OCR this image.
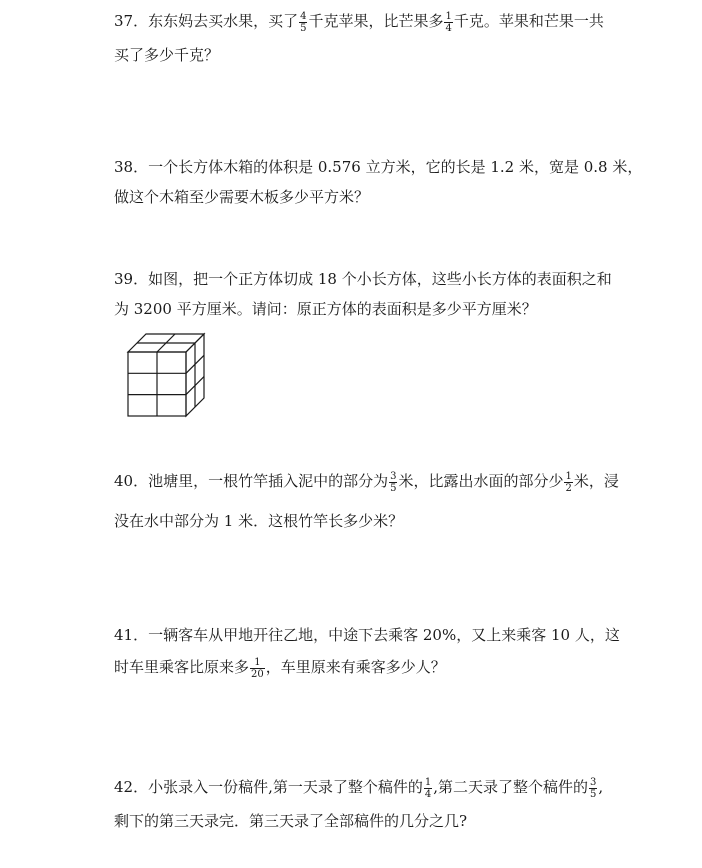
37．东东妈去买水果，买了 $\frac{4}{5}$ 千克苹果，比芒果多 $\frac{1}{4}$ 千克。苹果和芒果一共
买了多少千克？
38．一个长方体木箱的体积是 0.576 立方米，它的长是 1.2 米，宽是 0.8 米，
做这个木箱至少需要木板多少平方米？
39．如图，把一个正方体切成 18 个小长方体，这些小长方体的表面积之和
为 3200 平方厘米。请问：原正方体的表面积是多少平方厘米？
40．池塘里，一根竹竿插入泥中的部分为 $\frac{3}{5}$ 米，比露出水面的部分少 $\frac{1}{2}$ 米，浸
没在水中部分为 1 米．这根竹竿长多少米？
41．一辆客车从甲地开往乙地，中途下去乘客 20%，又上来乘客 10 人，这
时车里乘客比原来多 $\frac{1}{20}$ ，车里原来有乘客多少人？
42．小张录入一份稿件,第一天录了整个稿件的 $\frac{1}{4}$ ,第二天录了整个稿件的 $\frac{3}{5}$ ,
剩下的第三天录完．第三天录了全部稿件的几分之几?
